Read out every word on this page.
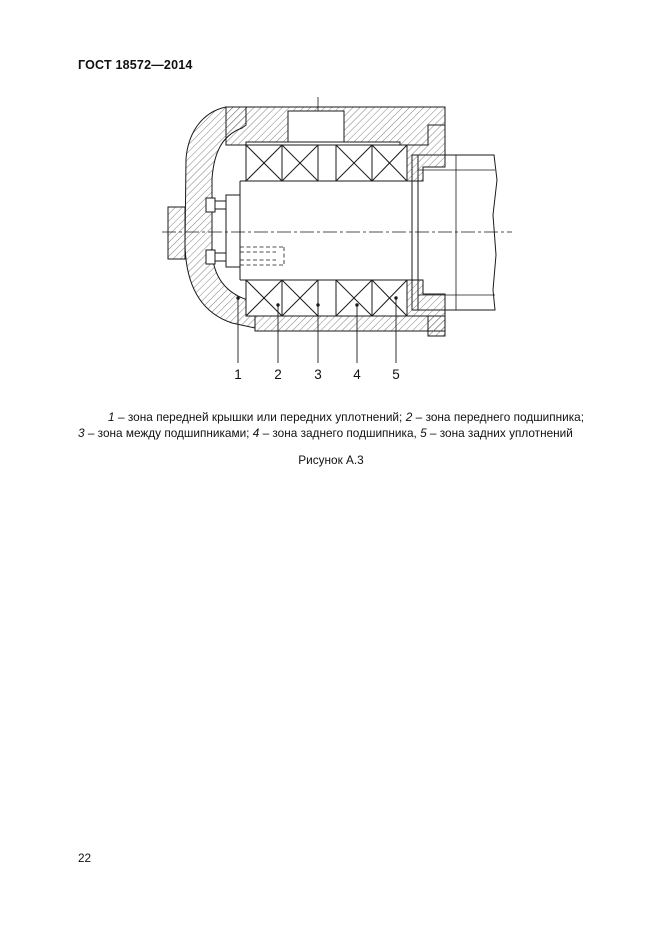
ГОСТ 18572—2014
1 2 3 4 5

1 – зона передней крышки или передних уплотнений; 2 – зона переднего подшипника; 3 – зона между подшипниками; 4 – зона заднего подшипника, 5 – зона задних уплотнений

Рисунок А.3

22
